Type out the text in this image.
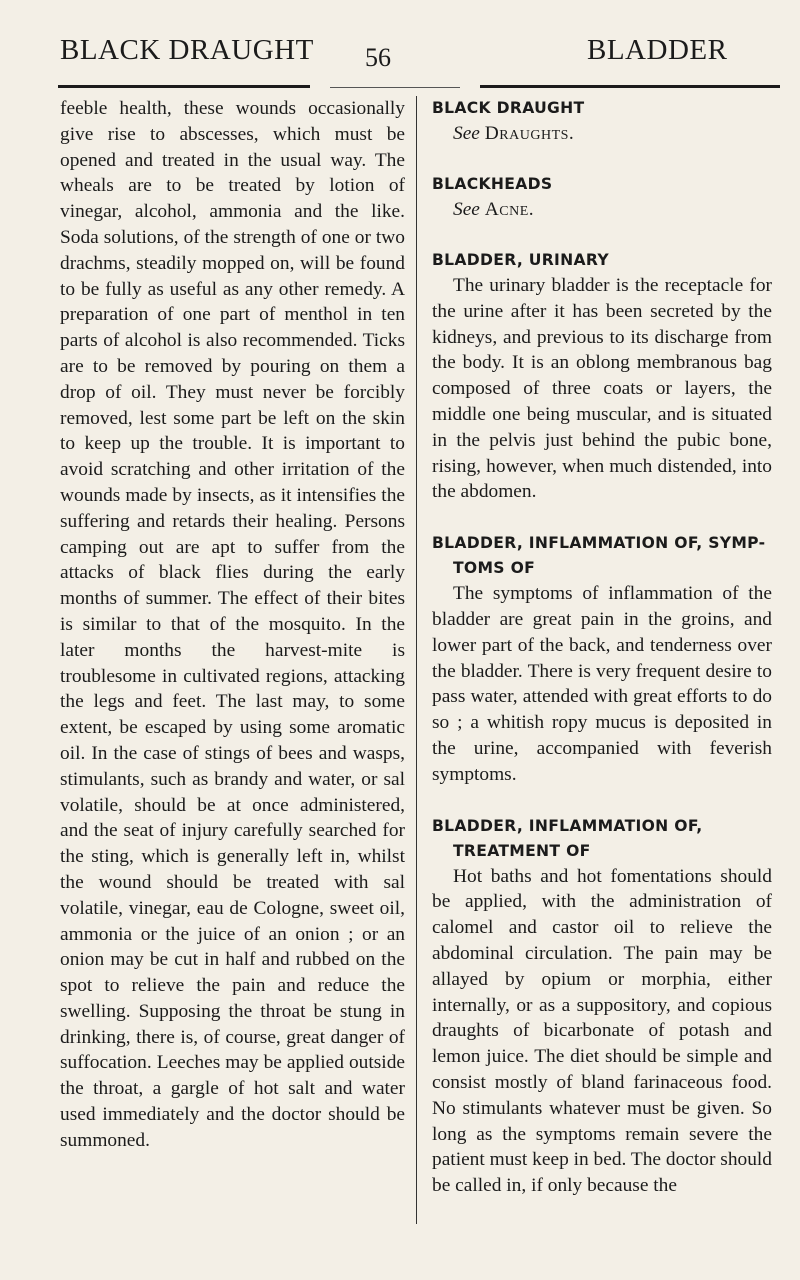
BLACK DRAUGHT 56	BLADDER

feeble health, these wounds occasionally give rise to abscesses, which must be opened and treated in the usual way. The wheals are to be treated by lotion of vinegar, alcohol, ammonia and the like. Soda solutions, of the strength of one or two drachms, steadily mopped on, will be found to be fully as useful as any other remedy. A preparation of one part of menthol in ten parts of alcohol is also recommended. Ticks are to be removed by pouring on them a drop of oil. They must never be forcibly removed, lest some part be left on the skin to keep up the trouble. It is important to avoid scratching and other irritation of the wounds made by insects, as it intensifies the suffering and retards their healing. Persons camping out are apt to suffer from the attacks of black flies during the early months of summer. The effect of their bites is similar to that of the mosquito. In the later months the harvest-mite is troublesome in cultivated regions, attacking the legs and feet. The last may, to some extent, be escaped by using some aromatic oil. In the case of stings of bees and wasps, stimulants, such as brandy and water, or sal volatile, should be at once administered, and the seat of injury carefully searched for the sting, which is generally left in, whilst the wound should be treated with sal volatile, vinegar, eau de Cologne, sweet oil, ammonia or the juice of an onion ; or an onion may be cut in half and rubbed on the spot to relieve the pain and reduce the swelling. Supposing the throat be stung in drinking, there is, of course, great danger of suffocation. Leeches may be applied outside the throat, a gargle of hot salt and water used immediately and the doctor should be summoned.

BLACK DRAUGHT

See Draughts.

BLACKHEADS

See Acne.

BLADDER, URINARY

The urinary bladder is the receptacle for the urine after it has been secreted by the kidneys, and previous to its discharge from the body. It is an oblong membranous bag composed of three coats or layers, the middle one being muscular, and is situated in the pelvis just behind the pubic bone, rising, however, when much distended, into the abdomen.

BLADDER, INFLAMMATION OF, SYMP-
TOMS OF

The symptoms of inflammation of the bladder are great pain in the groins, and lower part of the back, and tenderness over the bladder. There is very frequent desire to pass water, attended with great efforts to do so ; a whitish ropy mucus is deposited in the urine, accompanied with feverish symptoms.

BLADDER, INFLAMMATION OF,
TREATMENT OF

Hot baths and hot fomentations should be applied, with the administration of calomel and castor oil to relieve the abdominal circulation. The pain may be allayed by opium or morphia, either internally, or as a suppository, and copious draughts of bicarbonate of potash and lemon juice. The diet should be simple and consist mostly of bland farinaceous food. No stimulants whatever must be given. So long as the symptoms remain severe the patient must keep in bed. The doctor should be called in, if only because the
